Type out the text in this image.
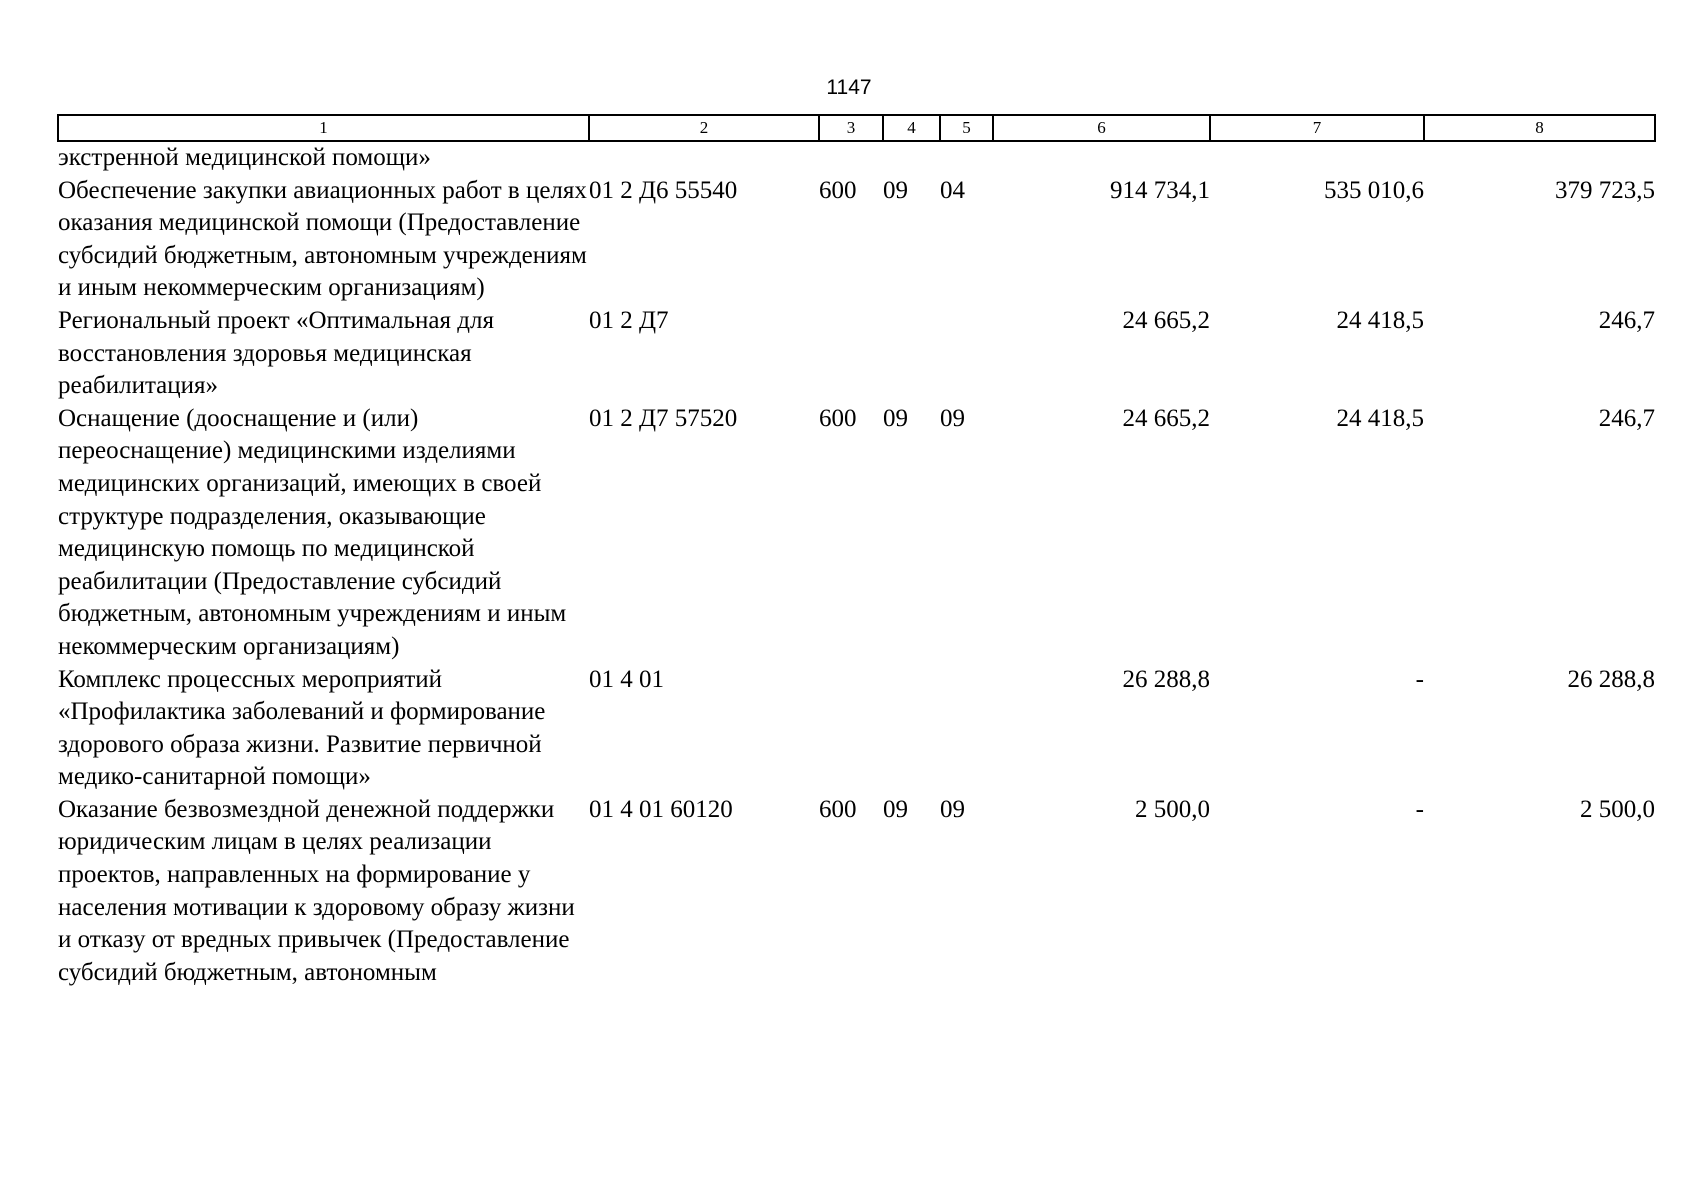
1147
1	2	3	4	5	6	7	8
экстренной медицинской помощи»							
Обеспечение закупки авиационных работ в целях оказания медицинской помощи (Предоставление субсидий бюджетным, автономным учреждениям и иным некоммерческим организациям)	01 2 Д6 55540	600	09	04	914 734,1	535 010,6	379 723,5
Региональный проект «Оптимальная для восстановления здоровья медицинская реабилитация»	01 2 Д7				24 665,2	24 418,5	246,7
Оснащение (дооснащение и (или) переоснащение) медицинскими изделиями медицинских организаций, имеющих в своей структуре подразделения, оказывающие медицинскую помощь по медицинской реабилитации (Предоставление субсидий бюджетным, автономным учреждениям и иным некоммерческим организациям)	01 2 Д7 57520	600	09	09	24 665,2	24 418,5	246,7
Комплекс процессных мероприятий «Профилактика заболеваний и формирование здорового образа жизни. Развитие первичной медико-санитарной помощи»	01 4 01				26 288,8	-	26 288,8
Оказание безвозмездной денежной поддержки юридическим лицам в целях реализации проектов, направленных на формирование у населения мотивации к здоровому образу жизни и отказу от вредных привычек (Предоставление субсидий бюджетным, автономным	01 4 01 60120	600	09	09	2 500,0	-	2 500,0
